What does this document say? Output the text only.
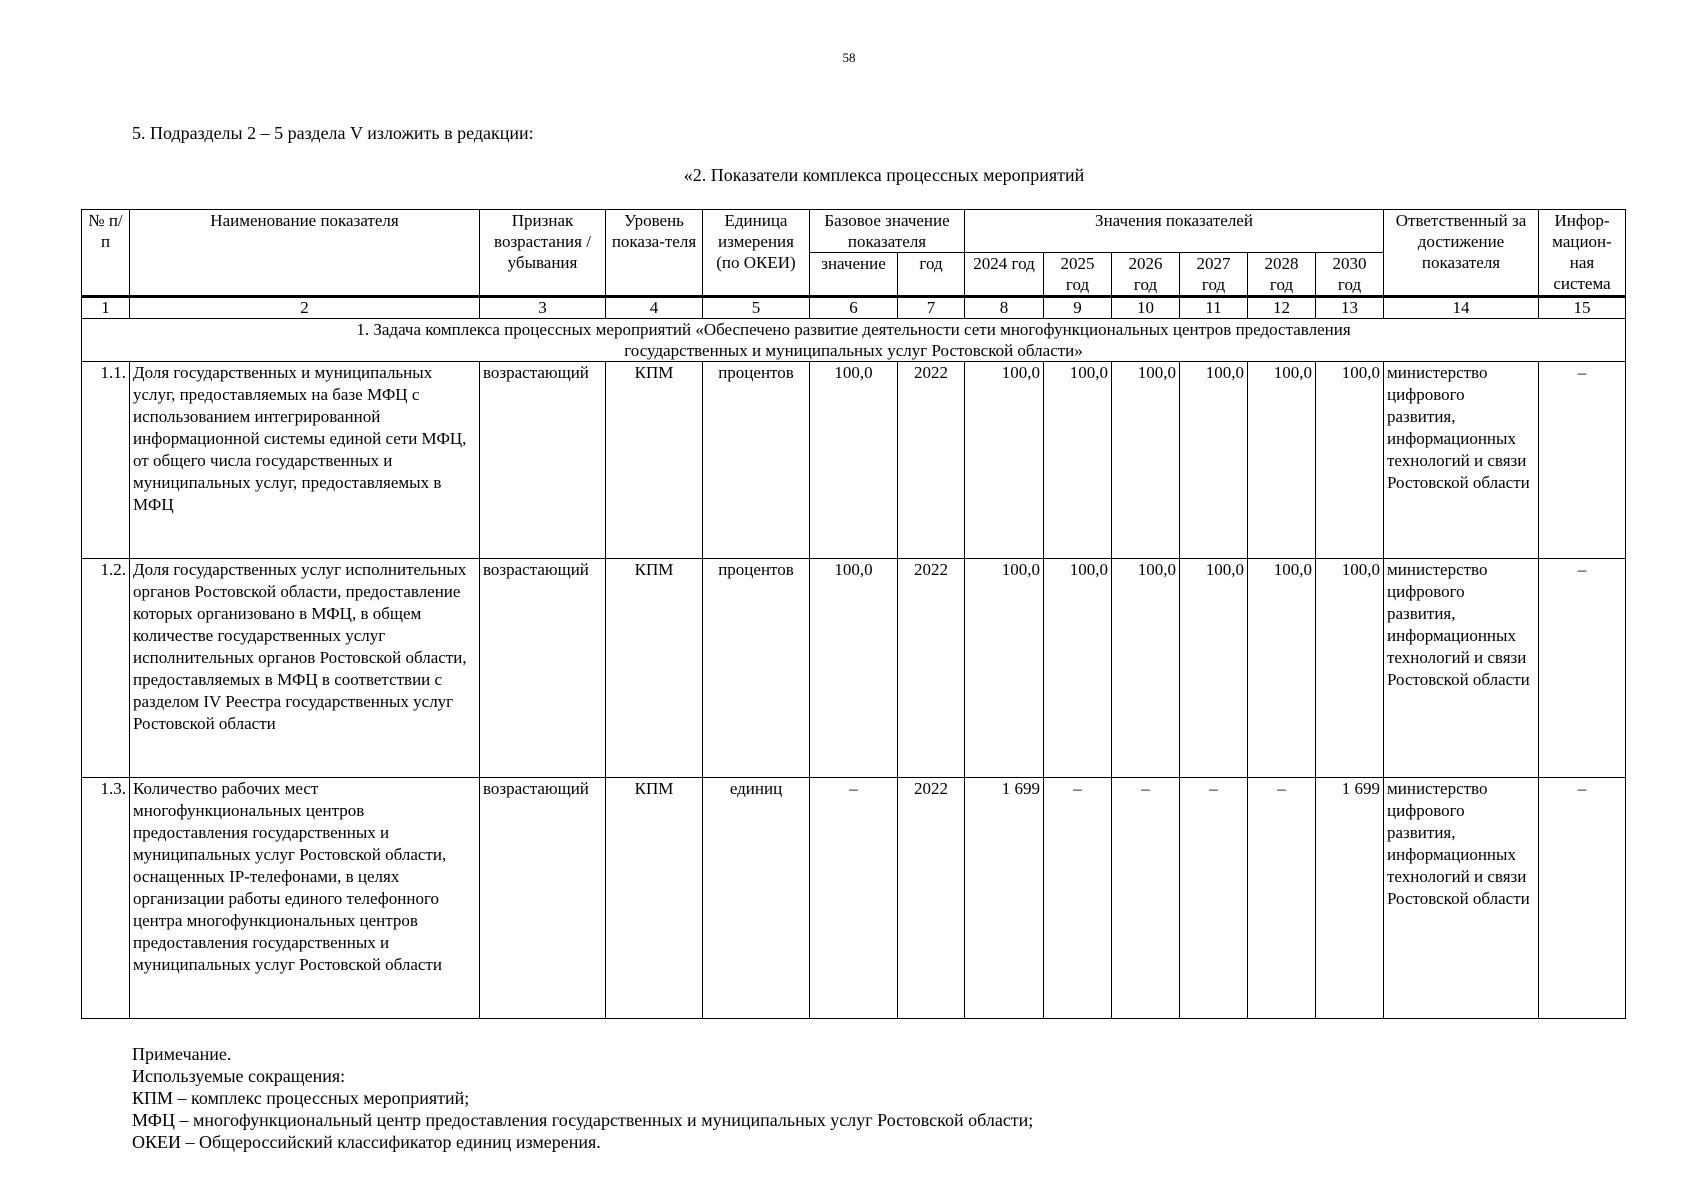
58
5. Подразделы 2 – 5 раздела V изложить в редакции:
«2. Показатели комплекса процессных мероприятий
№ п/п	Наименование показателя	Признак возрастания / убывания	Уровень показа-теля	Единица измерения (по ОКЕИ)	Базовое значение показателя		Значения показателей						Ответственный за достижение показателя	Инфор-мацион-ная система
					значение	год	2024 год	2025 год	2026 год	2027 год	2028 год	2030 год		
1	2	3	4	5	6	7	8	9	10	11	12	13	14	15

1. Задача комплекса процессных мероприятий «Обеспечено развитие деятельности сети многофункциональных центров предоставления государственных и муниципальных услуг Ростовской области»														

1.1.	Доля государственных и муниципальных услуг, предоставляемых на базе МФЦ с использованием интегрированной информационной системы единой сети МФЦ, от общего числа государственных и муниципальных услуг, предоставляемых в МФЦ	возрастающий	КПМ	процентов	100,0	2022	100,0	100,0	100,0	100,0	100,0	100,0	министерство цифрового развития, информационных технологий и связи Ростовской области	–
1.2.	Доля государственных услуг исполнительных органов Ростовской области, предоставление которых организовано в МФЦ, в общем количестве государственных услуг исполнительных органов Ростовской области, предоставляемых в МФЦ в соответствии с разделом IV Реестра государственных услуг Ростовской области	возрастающий	КПМ	процентов	100,0	2022	100,0	100,0	100,0	100,0	100,0	100,0	министерство цифрового развития, информационных технологий и связи Ростовской области	–
1.3.	Количество рабочих мест многофункциональных центров предоставления государственных и муниципальных услуг Ростовской области, оснащенных IP-телефонами, в целях организации работы единого телефонного центра многофункциональных центров предоставления государственных и муниципальных услуг Ростовской области	возрастающий	КПМ	единиц	–	2022	1 699	–	–	–	–	1 699	министерство цифрового развития, информационных технологий и связи Ростовской области	–
Примечание.
Используемые сокращения:
КПМ – комплекс процессных мероприятий;
МФЦ – многофункциональный центр предоставления государственных и муниципальных услуг Ростовской области;
ОКЕИ – Общероссийский классификатор единиц измерения.
